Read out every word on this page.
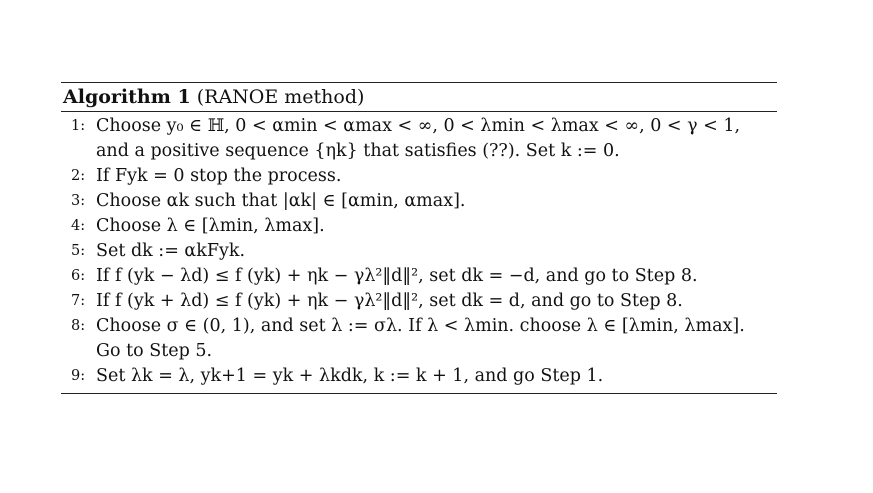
Algorithm 1 (RANOE method)
1: Choose y₀ ∈ ℍ, 0 < αmin < αmax < ∞, 0 < λmin < λmax < ∞, 0 < γ < 1,
and a positive sequence {ηk} that satisfies (??). Set k := 0.
2: If Fyk = 0 stop the process.
3: Choose αk such that |αk| ∈ [αmin, αmax].
4: Choose λ ∈ [λmin, λmax].
5: Set dk := αkFyk.
6: If f (yk − λd) ≤ f (yk) + ηk − γλ²‖d‖², set dk = −d, and go to Step 8.
7: If f (yk + λd) ≤ f (yk) + ηk − γλ²‖d‖², set dk = d, and go to Step 8.
8: Choose σ ∈ (0, 1), and set λ := σλ. If λ < λmin. choose λ ∈ [λmin, λmax].
Go to Step 5.
9: Set λk = λ, yk+1 = yk + λkdk, k := k + 1, and go Step 1.
